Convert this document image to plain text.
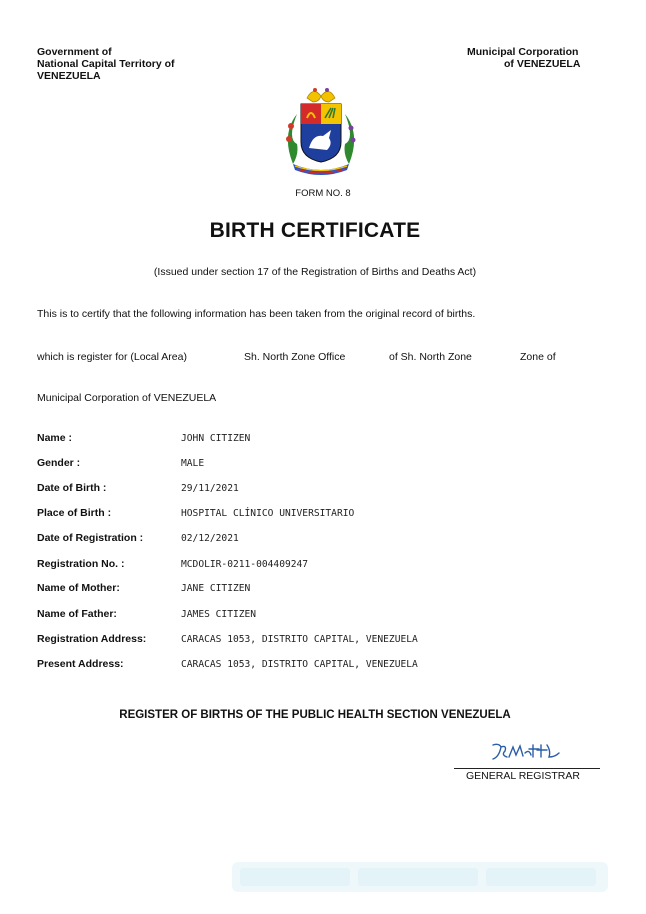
Government of
National Capital Territory of
VENEZUELA
Municipal Corporation
of VENEZUELA
FORM NO. 8
BIRTH CERTIFICATE
(Issued under section 17 of the Registration of Births and Deaths Act)
This is to certify that the following information has been taken from the original record of births.
which is register for (Local Area)	Sh. North Zone Office	of Sh. North Zone	Zone of
Municipal Corporation of VENEZUELA
Name :	JOHN CITIZEN
Gender :	MALE
Date of Birth :	29/11/2021
Place of Birth :	HOSPITAL CLÍNICO UNIVERSITARIO
Date of Registration :	02/12/2021
Registration No. :	MCDOLIR-0211-004409247
Name of Mother:	JANE CITIZEN
Name of Father:	JAMES CITIZEN
Registration Address:	CARACAS 1053, DISTRITO CAPITAL, VENEZUELA
Present Address:	CARACAS 1053, DISTRITO CAPITAL, VENEZUELA
REGISTER OF BIRTHS OF THE PUBLIC HEALTH SECTION VENEZUELA
GENERAL REGISTRAR
